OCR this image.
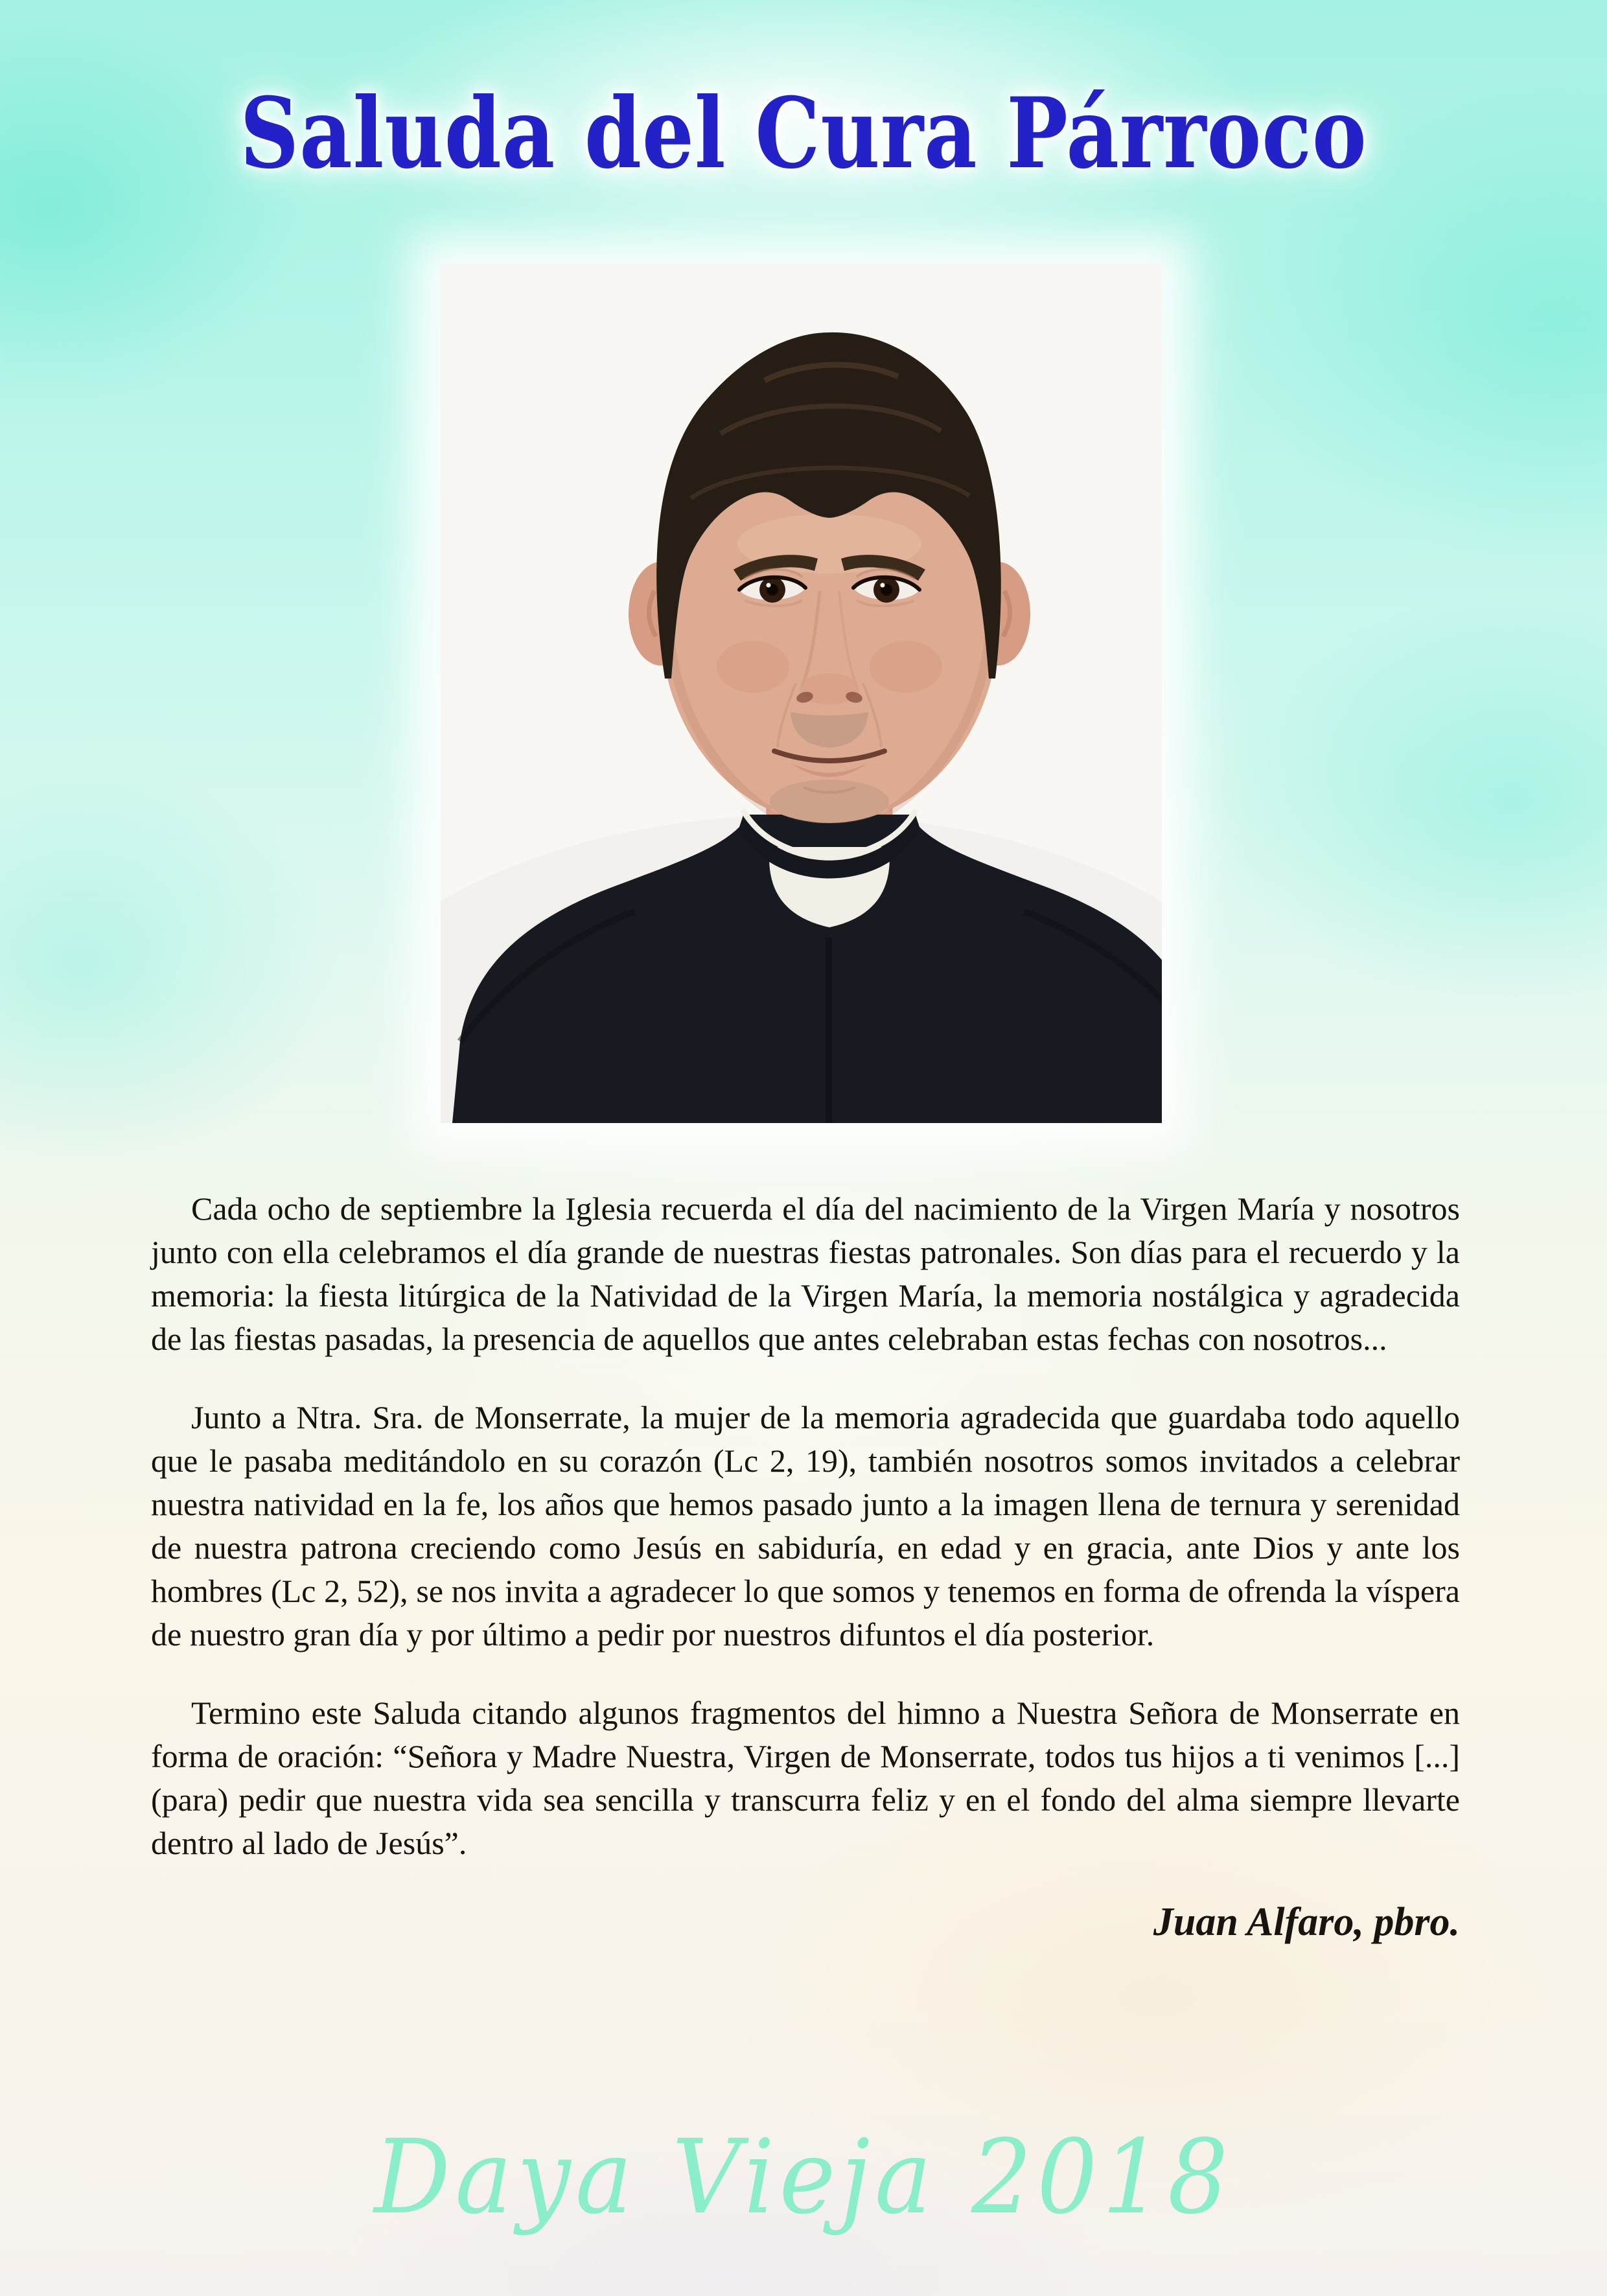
Saluda del Cura Párroco

Cada ocho de septiembre la Iglesia recuerda el día del nacimiento de la Virgen María y nosotros junto con ella celebramos el día grande de nuestras fiestas patronales. Son días para el recuerdo y la memoria: la fiesta litúrgica de la Natividad de la Virgen María, la memoria nostálgica y agradecida de las fiestas pasadas, la presencia de aquellos que antes celebraban estas fechas con nosotros...

Junto a Ntra. Sra. de Monserrate, la mujer de la memoria agradecida que guardaba todo aquello que le pasaba meditándolo en su corazón (Lc 2, 19), también nosotros somos invitados a celebrar nuestra natividad en la fe, los años que hemos pasado junto a la imagen llena de ternura y serenidad de nuestra patrona creciendo como Jesús en sabiduría, en edad y en gracia, ante Dios y ante los hombres (Lc 2, 52), se nos invita a agradecer lo que somos y tenemos en forma de ofrenda la víspera de nuestro gran día y por último a pedir por nuestros difuntos el día posterior.

Termino este Saluda citando algunos fragmentos del himno a Nuestra Señora de Monserrate en forma de oración: “Señora y Madre Nuestra, Virgen de Monserrate, todos tus hijos a ti venimos [...] (para) pedir que nuestra vida sea sencilla y transcurra feliz y en el fondo del alma siempre llevarte dentro al lado de Jesús”.

Juan Alfaro, pbro.

Daya Vieja 2018
